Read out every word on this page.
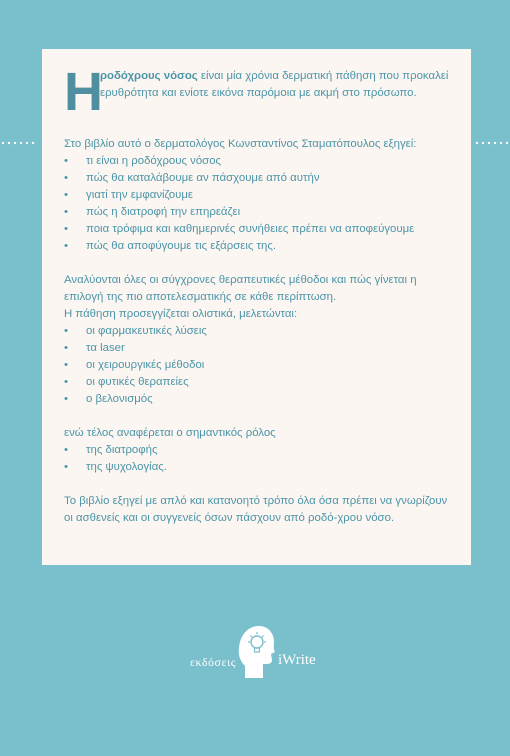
Η
ροδόχρους νόσος είναι μία χρόνια δερματική πάθηση που προκαλεί ερυθρότητα και ενίοτε εικόνα παρόμοια με ακμή στο πρόσωπο.

Στο βιβλίο αυτό ο δερματολόγος Κωνσταντίνος Σταματόπουλος εξηγεί:

• τι είναι η ροδόχρους νόσος
• πώς θα καταλάβουμε αν πάσχουμε από αυτήν
• γιατί την εμφανίζουμε
• πώς η διατροφή την επηρεάζει
• ποια τρόφιμα και καθημερινές συνήθειες πρέπει να αποφεύγουμε
• πώς θα αποφύγουμε τις εξάρσεις της.

Αναλύονται όλες οι σύγχρονες θεραπευτικές μέθοδοι και πώς γίνεται η επιλογή της πιο αποτελεσματικής σε κάθε περίπτωση.

Η πάθηση προσεγγίζεται ολιστικά, μελετώνται:

• οι φαρμακευτικές λύσεις
• τα laser
• οι χειρουργικές μέθοδοι
• οι φυτικές θεραπείες
• ο βελονισμός

ενώ τέλος αναφέρεται ο σημαντικός ρόλος

• της διατροφής
• της ψυχολογίας.

Το βιβλίο εξηγεί με απλό και κατανοητό τρόπο όλα όσα πρέπει να γνωρίζουν οι ασθενείς και οι συγγενείς όσων πάσχουν από ροδό-χρου νόσο.

εκδόσεις	iWrite
